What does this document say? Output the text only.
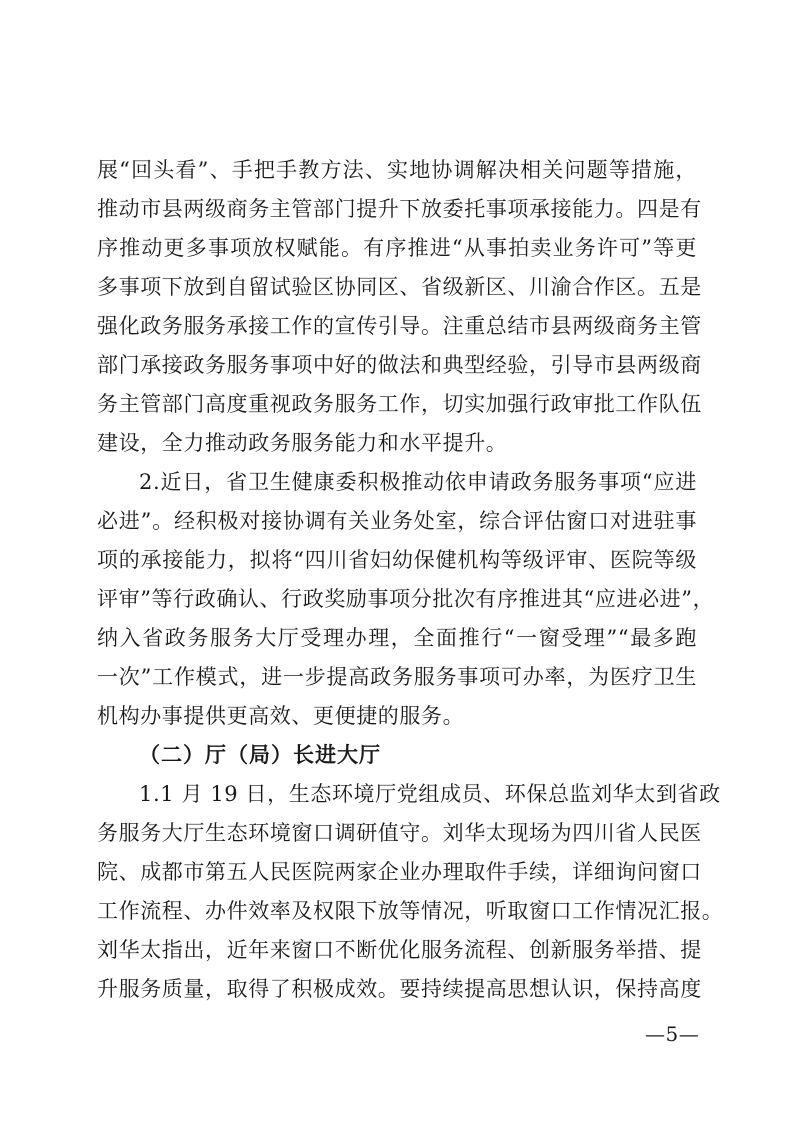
展“回头看”、手把手教方法、实地协调解决相关问题等措施，
推动市县两级商务主管部门提升下放委托事项承接能力。四是有
序推动更多事项放权赋能。有序推进“从事拍卖业务许可”等更
多事项下放到自留试验区协同区、省级新区、川渝合作区。五是
强化政务服务承接工作的宣传引导。注重总结市县两级商务主管
部门承接政务服务事项中好的做法和典型经验，引导市县两级商
务主管部门高度重视政务服务工作，切实加强行政审批工作队伍
建设，全力推动政务服务能力和水平提升。
2.近日，省卫生健康委积极推动依申请政务服务事项“应进
必进”。经积极对接协调有关业务处室，综合评估窗口对进驻事
项的承接能力，拟将“四川省妇幼保健机构等级评审、医院等级
评审”等行政确认、行政奖励事项分批次有序推进其“应进必进”，
纳入省政务服务大厅受理办理，全面推行“一窗受理”“最多跑
一次”工作模式，进一步提高政务服务事项可办率，为医疗卫生
机构办事提供更高效、更便捷的服务。
（二）厅（局）长进大厅
1.1 月 19 日，生态环境厅党组成员、环保总监刘华太到省政
务服务大厅生态环境窗口调研值守。刘华太现场为四川省人民医
院、成都市第五人民医院两家企业办理取件手续，详细询问窗口
工作流程、办件效率及权限下放等情况，听取窗口工作情况汇报。
刘华太指出，近年来窗口不断优化服务流程、创新服务举措、提
升服务质量，取得了积极成效。要持续提高思想认识，保持高度
—5—
